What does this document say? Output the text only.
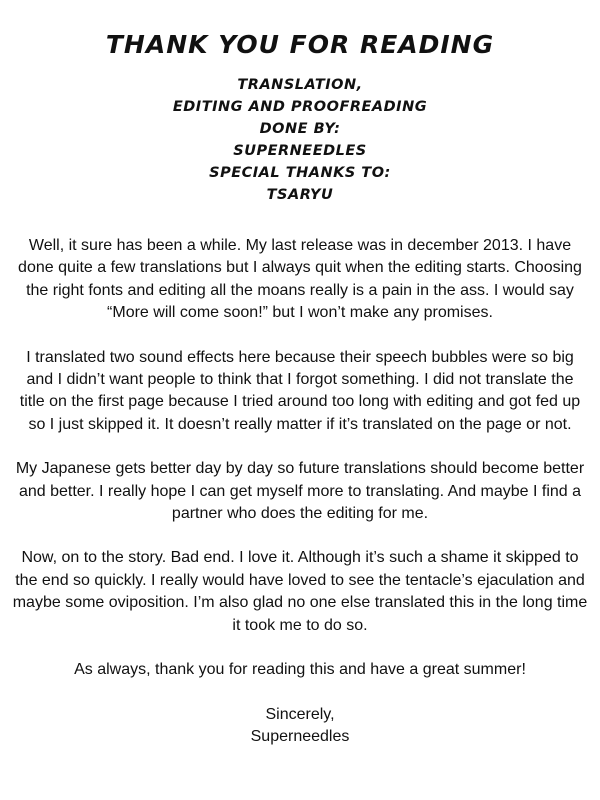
THANK YOU FOR READING
TRANSLATION,
EDITING AND PROOFREADING
DONE BY:
SUPERNEEDLES
SPECIAL THANKS TO:
TSARYU

Well, it sure has been a while. My last release was in december 2013. I have done quite a few translations but I always quit when the editing starts. Choosing the right fonts and editing all the moans really is a pain in the ass. I would say “More will come soon!” but I won’t make any promises.

I translated two sound effects here because their speech bubbles were so big and I didn’t want people to think that I forgot something. I did not translate the title on the first page because I tried around too long with editing and got fed up so I just skipped it. It doesn’t really matter if it’s translated on the page or not.

My Japanese gets better day by day so future translations should become better and better. I really hope I can get myself more to translating. And maybe I find a partner who does the editing for me.

Now, on to the story. Bad end. I love it. Although it’s such a shame it skipped to the end so quickly. I really would have loved to see the tentacle’s ejaculation and maybe some oviposition. I’m also glad no one else translated this in the long time it took me to do so.

As always, thank you for reading this and have a great summer!

Sincerely,
Superneedles
